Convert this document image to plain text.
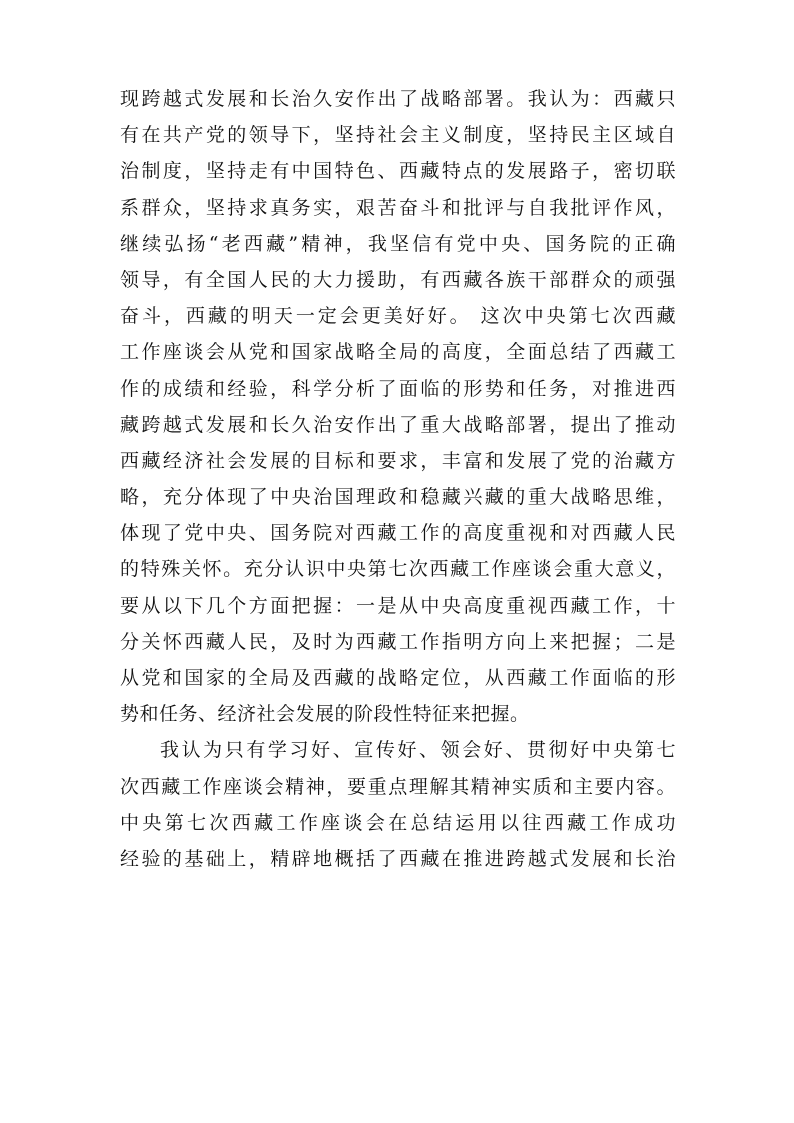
现跨越式发展和长治久安作出了战略部署。我认为：西藏只
有在共产党的领导下，坚持社会主义制度，坚持民主区域自
治制度，坚持走有中国特色、西藏特点的发展路子，密切联
系群众，坚持求真务实，艰苦奋斗和批评与自我批评作风，
继续弘扬“老西藏”精神，我坚信有党中央、国务院的正确
领导，有全国人民的大力援助，有西藏各族干部群众的顽强
奋斗，西藏的明天一定会更美好好。 这次中央第七次西藏
工作座谈会从党和国家战略全局的高度，全面总结了西藏工
作的成绩和经验，科学分析了面临的形势和任务，对推进西
藏跨越式发展和长久治安作出了重大战略部署，提出了推动
西藏经济社会发展的目标和要求，丰富和发展了党的治藏方
略，充分体现了中央治国理政和稳藏兴藏的重大战略思维，
体现了党中央、国务院对西藏工作的高度重视和对西藏人民
的特殊关怀。充分认识中央第七次西藏工作座谈会重大意义，
要从以下几个方面把握：一是从中央高度重视西藏工作，十
分关怀西藏人民，及时为西藏工作指明方向上来把握；二是
从党和国家的全局及西藏的战略定位，从西藏工作面临的形
势和任务、经济社会发展的阶段性特征来把握。
我认为只有学习好、宣传好、领会好、贯彻好中央第七
次西藏工作座谈会精神，要重点理解其精神实质和主要内容。
中央第七次西藏工作座谈会在总结运用以往西藏工作成功
经验的基础上，精辟地概括了西藏在推进跨越式发展和长治
